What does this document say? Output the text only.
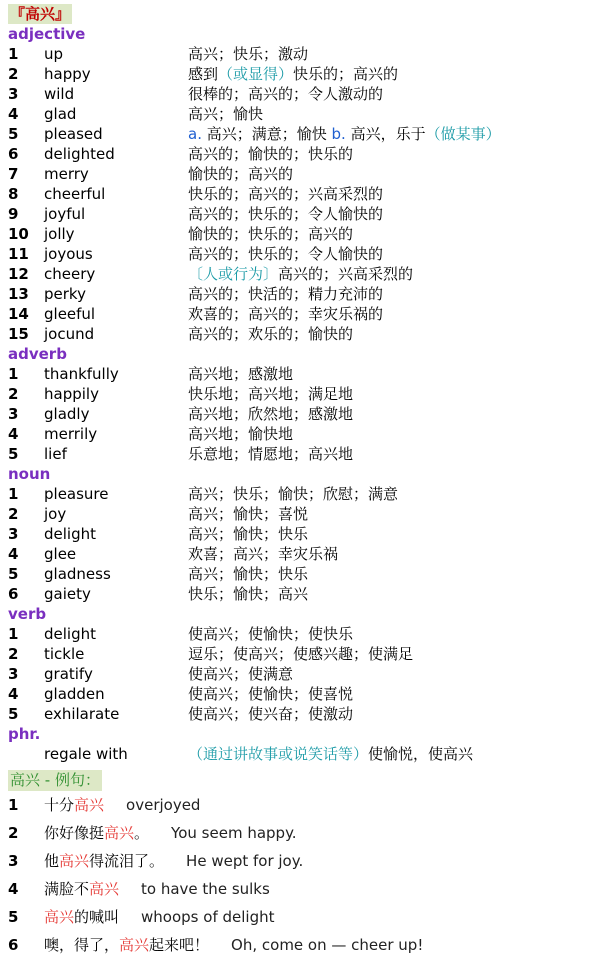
『高兴』
adjective
1	up	高兴；快乐；激动
2	happy	感到（或显得）快乐的；高兴的
3	wild	很棒的；高兴的；令人激动的
4	glad	高兴；愉快
5	pleased	a. 高兴；满意；愉快 b. 高兴，乐于（做某事）
6	delighted	高兴的；愉快的；快乐的
7	merry	愉快的；高兴的
8	cheerful	快乐的；高兴的；兴高采烈的
9	joyful	高兴的；快乐的；令人愉快的
10	jolly	愉快的；快乐的；高兴的
11	joyous	高兴的；快乐的；令人愉快的
12	cheery	〔人或行为〕高兴的；兴高采烈的
13	perky	高兴的；快活的；精力充沛的
14	gleeful	欢喜的；高兴的；幸灾乐祸的
15	jocund	高兴的；欢乐的；愉快的
adverb
1	thankfully	高兴地；感激地
2	happily	快乐地；高兴地；满足地
3	gladly	高兴地；欣然地；感激地
4	merrily	高兴地；愉快地
5	lief	乐意地；情愿地；高兴地
noun
1	pleasure	高兴；快乐；愉快；欣慰；满意
2	joy	高兴；愉快；喜悦
3	delight	高兴；愉快；快乐
4	glee	欢喜；高兴；幸灾乐祸
5	gladness	高兴；愉快；快乐
6	gaiety	快乐；愉快；高兴
verb
1	delight	使高兴；使愉快；使快乐
2	tickle	逗乐；使高兴；使感兴趣；使满足
3	gratify	使高兴；使满意
4	gladden	使高兴；使愉快；使喜悦
5	exhilarate	使高兴；使兴奋；使激动
phr.
regale with	（通过讲故事或说笑话等）使愉悦，使高兴
高兴 - 例句：
1 十分高兴 overjoyed
2 你好像挺高兴。 You seem happy.
3 他高兴得流泪了。 He wept for joy.
4 满脸不高兴 to have the sulks
5 高兴的喊叫 whoops of delight
6 噢，得了，高兴起来吧！ Oh, come on — cheer up!
